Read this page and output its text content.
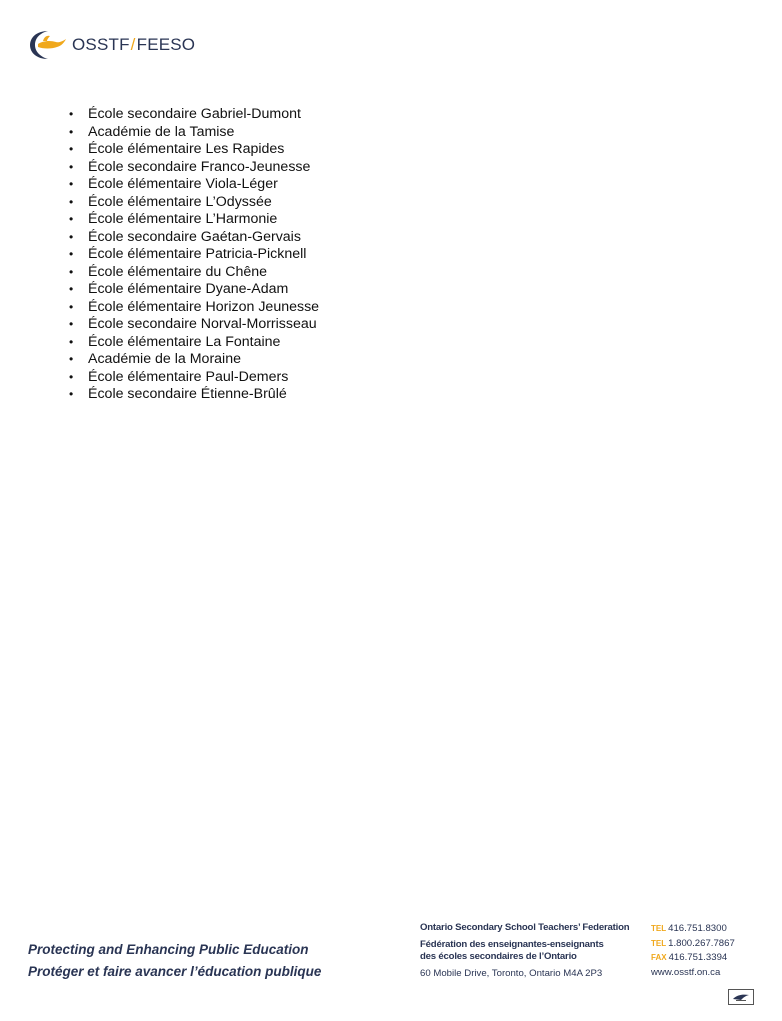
OSSTF / FEESO
• École secondaire Gabriel-Dumont
• Académie de la Tamise
• École élémentaire Les Rapides
• École secondaire Franco-Jeunesse
• École élémentaire Viola-Léger
• École élémentaire L’Odyssée
• École élémentaire L’Harmonie
• École secondaire Gaétan-Gervais
• École élémentaire Patricia-Picknell
• École élémentaire du Chêne
• École élémentaire Dyane-Adam
• École élémentaire Horizon Jeunesse
• École secondaire Norval-Morrisseau
• École élémentaire La Fontaine
• Académie de la Moraine
• École élémentaire Paul-Demers
• École secondaire Étienne-Brûlé
Protecting and Enhancing Public Education
Protéger et faire avancer l’éducation publique
Ontario Secondary School Teachers’ Federation
Fédération des enseignantes-enseignants
des écoles secondaires de l’Ontario
60 Mobile Drive, Toronto, Ontario M4A 2P3
TEL 416.751.8300
TEL 1.800.267.7867
FAX 416.751.3394
www.osstf.on.ca
